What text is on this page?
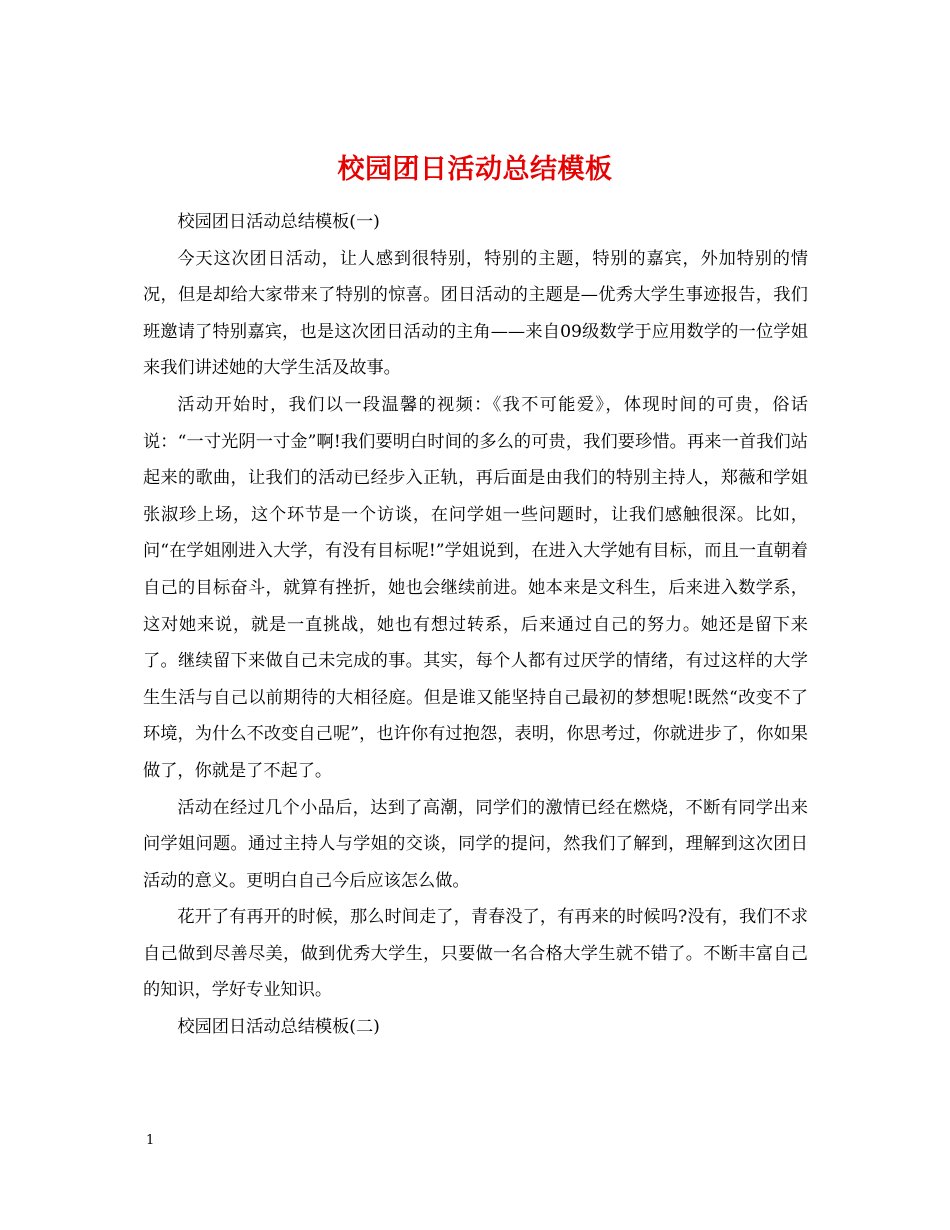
校园团日活动总结模板

校园团日活动总结模板(一)

今天这次团日活动，让人感到很特别，特别的主题，特别的嘉宾，外加特别的情况，但是却给大家带来了特别的惊喜。团日活动的主题是—优秀大学生事迹报告，我们班邀请了特别嘉宾，也是这次团日活动的主角——来自09级数学于应用数学的一位学姐来我们讲述她的大学生活及故事。

活动开始时，我们以一段温馨的视频：《我不可能爱》，体现时间的可贵，俗话说：“一寸光阴一寸金”啊!我们要明白时间的多么的可贵，我们要珍惜。再来一首我们站起来的歌曲，让我们的活动已经步入正轨，再后面是由我们的特别主持人，郑薇和学姐张淑珍上场，这个环节是一个访谈，在问学姐一些问题时，让我们感触很深。比如，问“在学姐刚进入大学，有没有目标呢!”学姐说到，在进入大学她有目标，而且一直朝着自己的目标奋斗，就算有挫折，她也会继续前进。她本来是文科生，后来进入数学系，这对她来说，就是一直挑战，她也有想过转系，后来通过自己的努力。她还是留下来了。继续留下来做自己未完成的事。其实，每个人都有过厌学的情绪，有过这样的大学生生活与自己以前期待的大相径庭。但是谁又能坚持自己最初的梦想呢!既然“改变不了环境，为什么不改变自己呢”，也许你有过抱怨，表明，你思考过，你就进步了，你如果做了，你就是了不起了。

活动在经过几个小品后，达到了高潮，同学们的激情已经在燃烧，不断有同学出来问学姐问题。通过主持人与学姐的交谈，同学的提问，然我们了解到，理解到这次团日活动的意义。更明白自己今后应该怎么做。

花开了有再开的时候，那么时间走了，青春没了，有再来的时候吗?没有，我们不求自己做到尽善尽美，做到优秀大学生，只要做一名合格大学生就不错了。不断丰富自己的知识，学好专业知识。

校园团日活动总结模板(二)

1
